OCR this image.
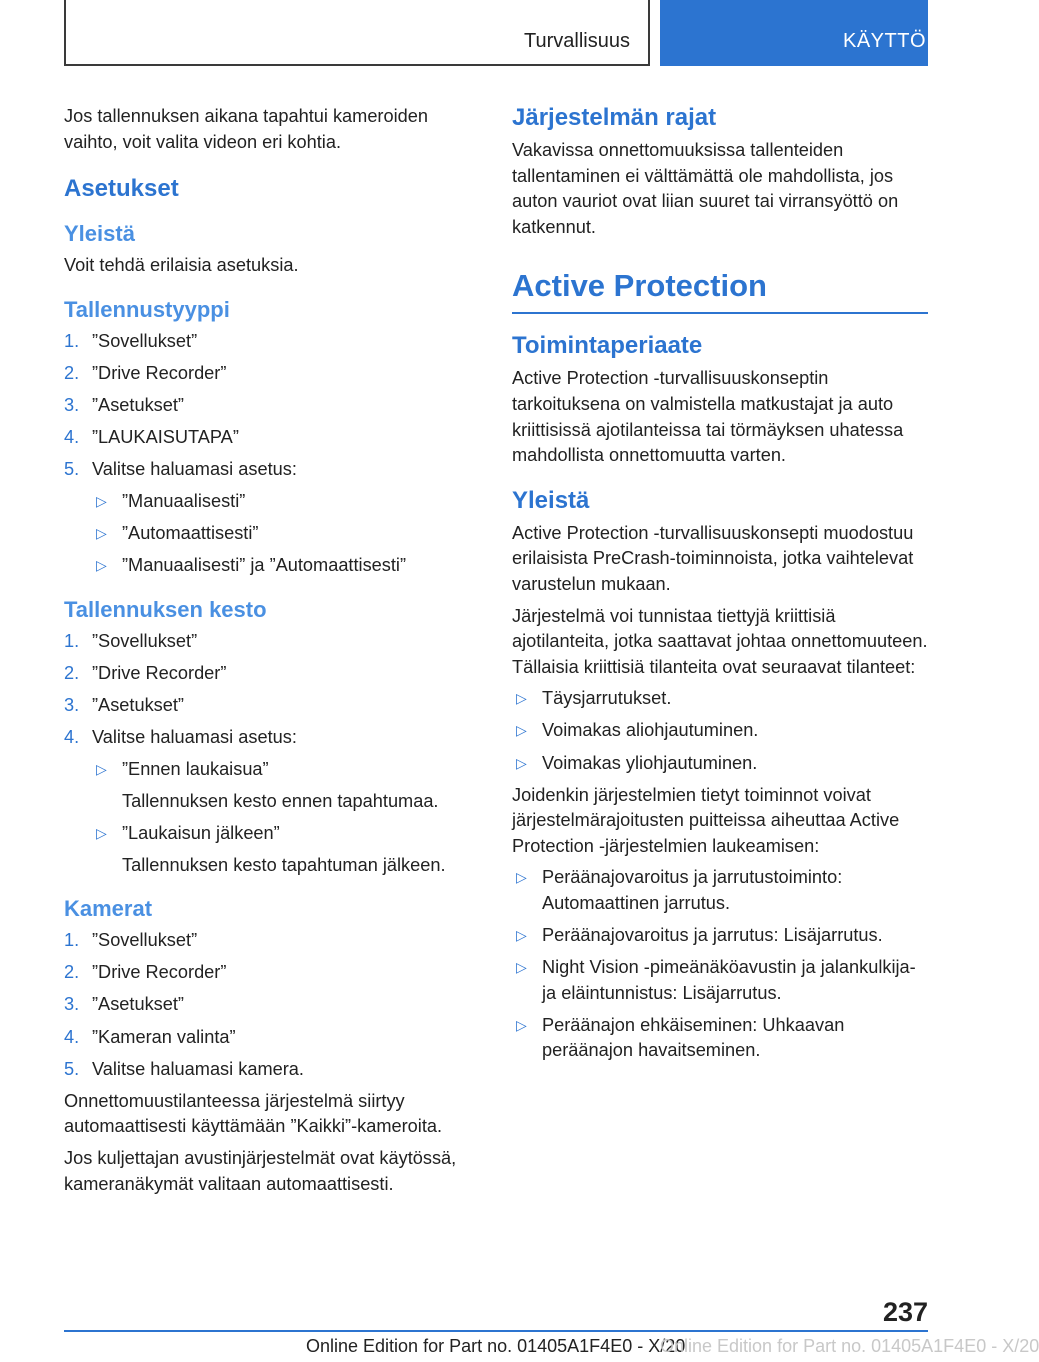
Turvallisuus	KÄYTTÖ

Jos tallennuksen aikana tapahtui kameroiden vaihto, voit valita videon eri kohtia.

Asetukset
Yleistä

Voit tehdä erilaisia asetuksia.

Tallennustyyppi
1. ”Sovellukset”
2. ”Drive Recorder”
3. ”Asetukset”
4. ”LAUKAISUTAPA”
5. Valitse haluamasi asetus:
▷ ”Manuaalisesti”
▷ ”Automaattisesti”
▷ ”Manuaalisesti” ja ”Automaattisesti”
Tallennuksen kesto
1. ”Sovellukset”
2. ”Drive Recorder”
3. ”Asetukset”
4. Valitse haluamasi asetus:
▷ ”Ennen laukaisua”
Tallennuksen kesto ennen tapahtumaa.
▷ ”Laukaisun jälkeen”
Tallennuksen kesto tapahtuman jälkeen.
Kamerat
1. ”Sovellukset”
2. ”Drive Recorder”
3. ”Asetukset”
4. ”Kameran valinta”
5. Valitse haluamasi kamera.

Onnettomuustilanteessa järjestelmä siirtyy automaattisesti käyttämään ”Kaikki”-kameroita.

Jos kuljettajan avustinjärjestelmät ovat käytössä, kameranäkymät valitaan automaattisesti.

Järjestelmän rajat

Vakavissa onnettomuuksissa tallenteiden tallentaminen ei välttämättä ole mahdollista, jos auton vauriot ovat liian suuret tai virransyöttö on katkennut.

Active Protection
Toimintaperiaate

Active Protection -turvallisuuskonseptin tarkoituksena on valmistella matkustajat ja auto kriittisissä ajotilanteissa tai törmäyksen uhatessa mahdollista onnettomuutta varten.

Yleistä

Active Protection -turvallisuuskonsepti muodostuu erilaisista PreCrash-toiminnoista, jotka vaihtelevat varustelun mukaan.

Järjestelmä voi tunnistaa tiettyjä kriittisiä ajotilanteita, jotka saattavat johtaa onnettomuuteen. Tällaisia kriittisiä tilanteita ovat seuraavat tilanteet:

▷ Täysjarrutukset.
▷ Voimakas aliohjautuminen.
▷ Voimakas yliohjautuminen.

Joidenkin järjestelmien tietyt toiminnot voivat järjestelmärajoitusten puitteissa aiheuttaa Active Protection -järjestelmien laukeamisen:

▷ Peräänajovaroitus ja jarrutustoiminto: Automaattinen jarrutus.
▷ Peräänajovaroitus ja jarrutus: Lisäjarrutus.
▷ Night Vision -pimeänäköavustin ja jalankulkija- ja eläintunnistus: Lisäjarrutus.
▷ Peräänajon ehkäiseminen: Uhkaavan peräänajon havaitseminen.
237
Online Edition for Part no. 01405A1F4E0 - X/20
Online Edition for Part no. 01405A1F4E0 - X/20
